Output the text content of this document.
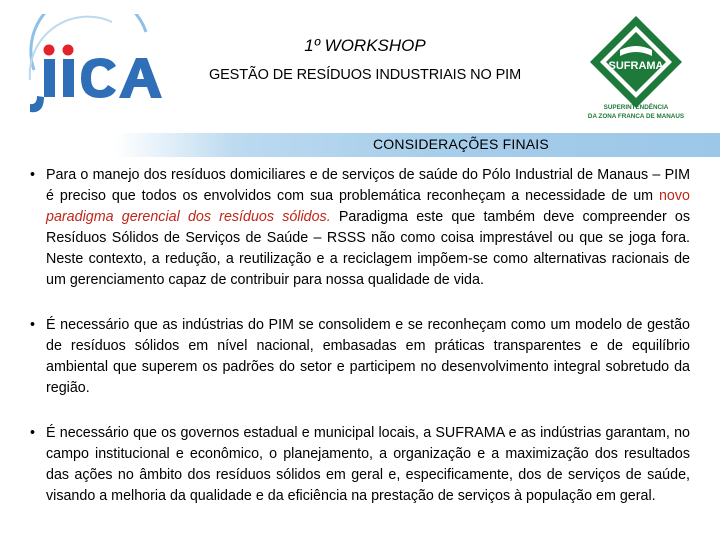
JICA
SUFRAMA
SUPERINTENDÊNCIA
DA ZONA FRANCA DE MANAUS
1º WORKSHOP
GESTÃO DE RESÍDUOS INDUSTRIAIS NO PIM
CONSIDERAÇÕES FINAIS

• Para o manejo dos resíduos domiciliares e de serviços de saúde do Pólo Industrial de Manaus – PIM é preciso que todos os envolvidos com sua problemática reconheçam a necessidade de um novo paradigma gerencial dos resíduos sólidos. Paradigma este que também deve compreender os Resíduos Sólidos de Serviços de Saúde – RSSS não como coisa imprestável ou que se joga fora. Neste contexto, a redução, a reutilização e a reciclagem impõem-se como alternativas racionais de um gerenciamento capaz de contribuir para nossa qualidade de vida.

• É necessário que as indústrias do PIM se consolidem e se reconheçam como um modelo de gestão de resíduos sólidos em nível nacional, embasadas em práticas transparentes e de equilíbrio ambiental que superem os padrões do setor e participem no desenvolvimento integral sobretudo da região.

• É necessário que os governos estadual e municipal locais, a SUFRAMA e as indústrias garantam, no campo institucional e econômico, o planejamento, a organização e a maximização dos resultados das ações no âmbito dos resíduos sólidos em geral e, especificamente, dos de serviços de saúde, visando a melhoria da qualidade e da eficiência na prestação de serviços à população em geral.
